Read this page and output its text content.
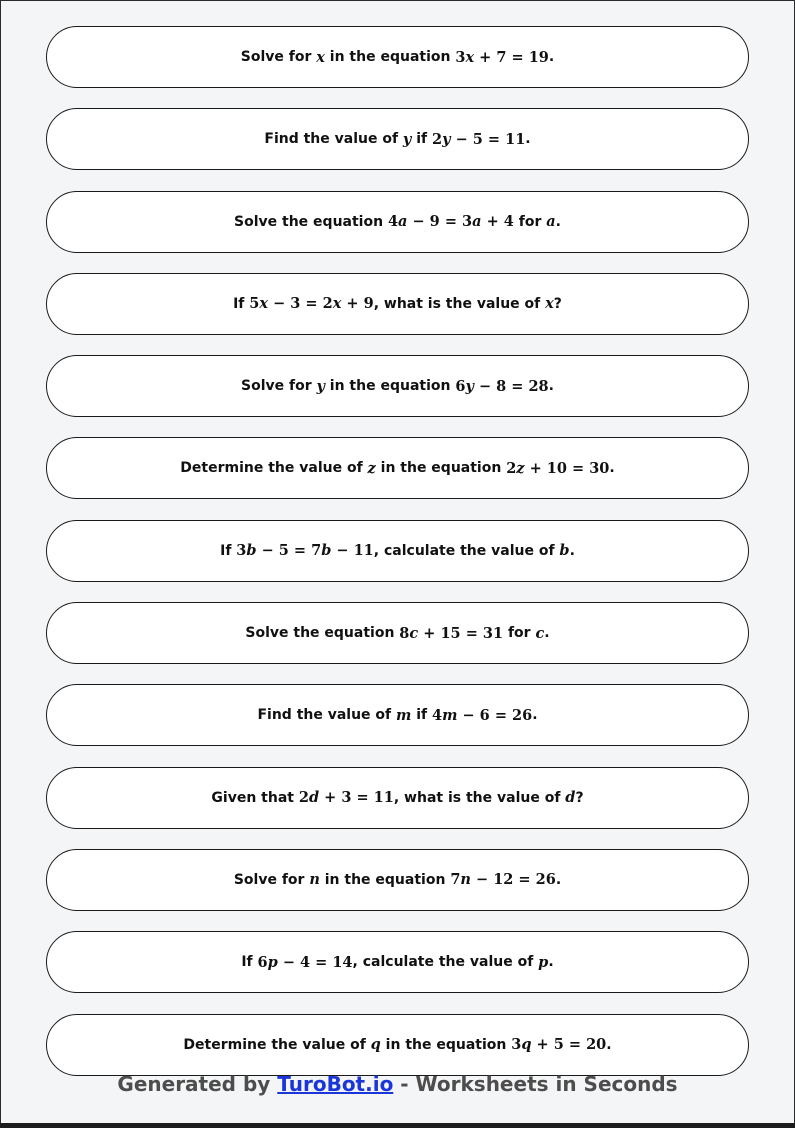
Solve for x in the equation 3 x + 7 = 19 .
Find the value of y if 2 y − 5 = 11 .
Solve the equation 4 a − 9 = 3 a + 4 for a .
If 5 x − 3 = 2 x + 9 , what is the value of x ?
Solve for y in the equation 6 y − 8 = 28 .
Determine the value of z in the equation 2 z + 10 = 30 .
If 3 b − 5 = 7 b − 11 , calculate the value of b .
Solve the equation 8 c + 15 = 31 for c .
Find the value of m if 4 m − 6 = 26 .
Given that 2 d + 3 = 11 , what is the value of d ?
Solve for n in the equation 7 n − 12 = 26 .
If 6 p − 4 = 14 , calculate the value of p .
Determine the value of q in the equation 3 q + 5 = 20 .
Generated by TuroBot.io - Worksheets in Seconds
